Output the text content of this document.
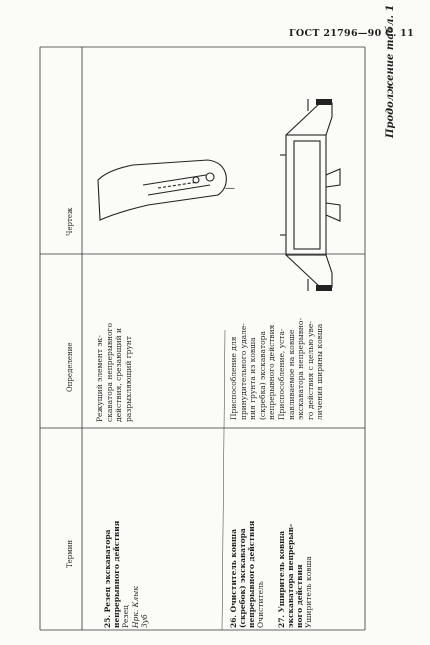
ГОСТ 21796—90 С. 11
Чертеж
Определение
Термин
Продолжение табл. 1
25. Резец экскаватора непрерывного действия Резец Нрк. Клык Зуб
Режущий элемент эк- скаватора непрерывного действия, срезающий и разрыхляющий грунт
26. Очиститель ковша (скребок) экскаватора непрерывного действия Очиститель
Приспособление для принудительного удале- ния грунта из ковша (скребка) экскаватора непрерывного действия
27. Уширитель ковша экскаватора непрерыв- ного действия Уширитель ковша
Приспособление, уста- навливаемое на ковше экскаватора непрерывно- го действия с целью уве- личения ширины ковша
—
